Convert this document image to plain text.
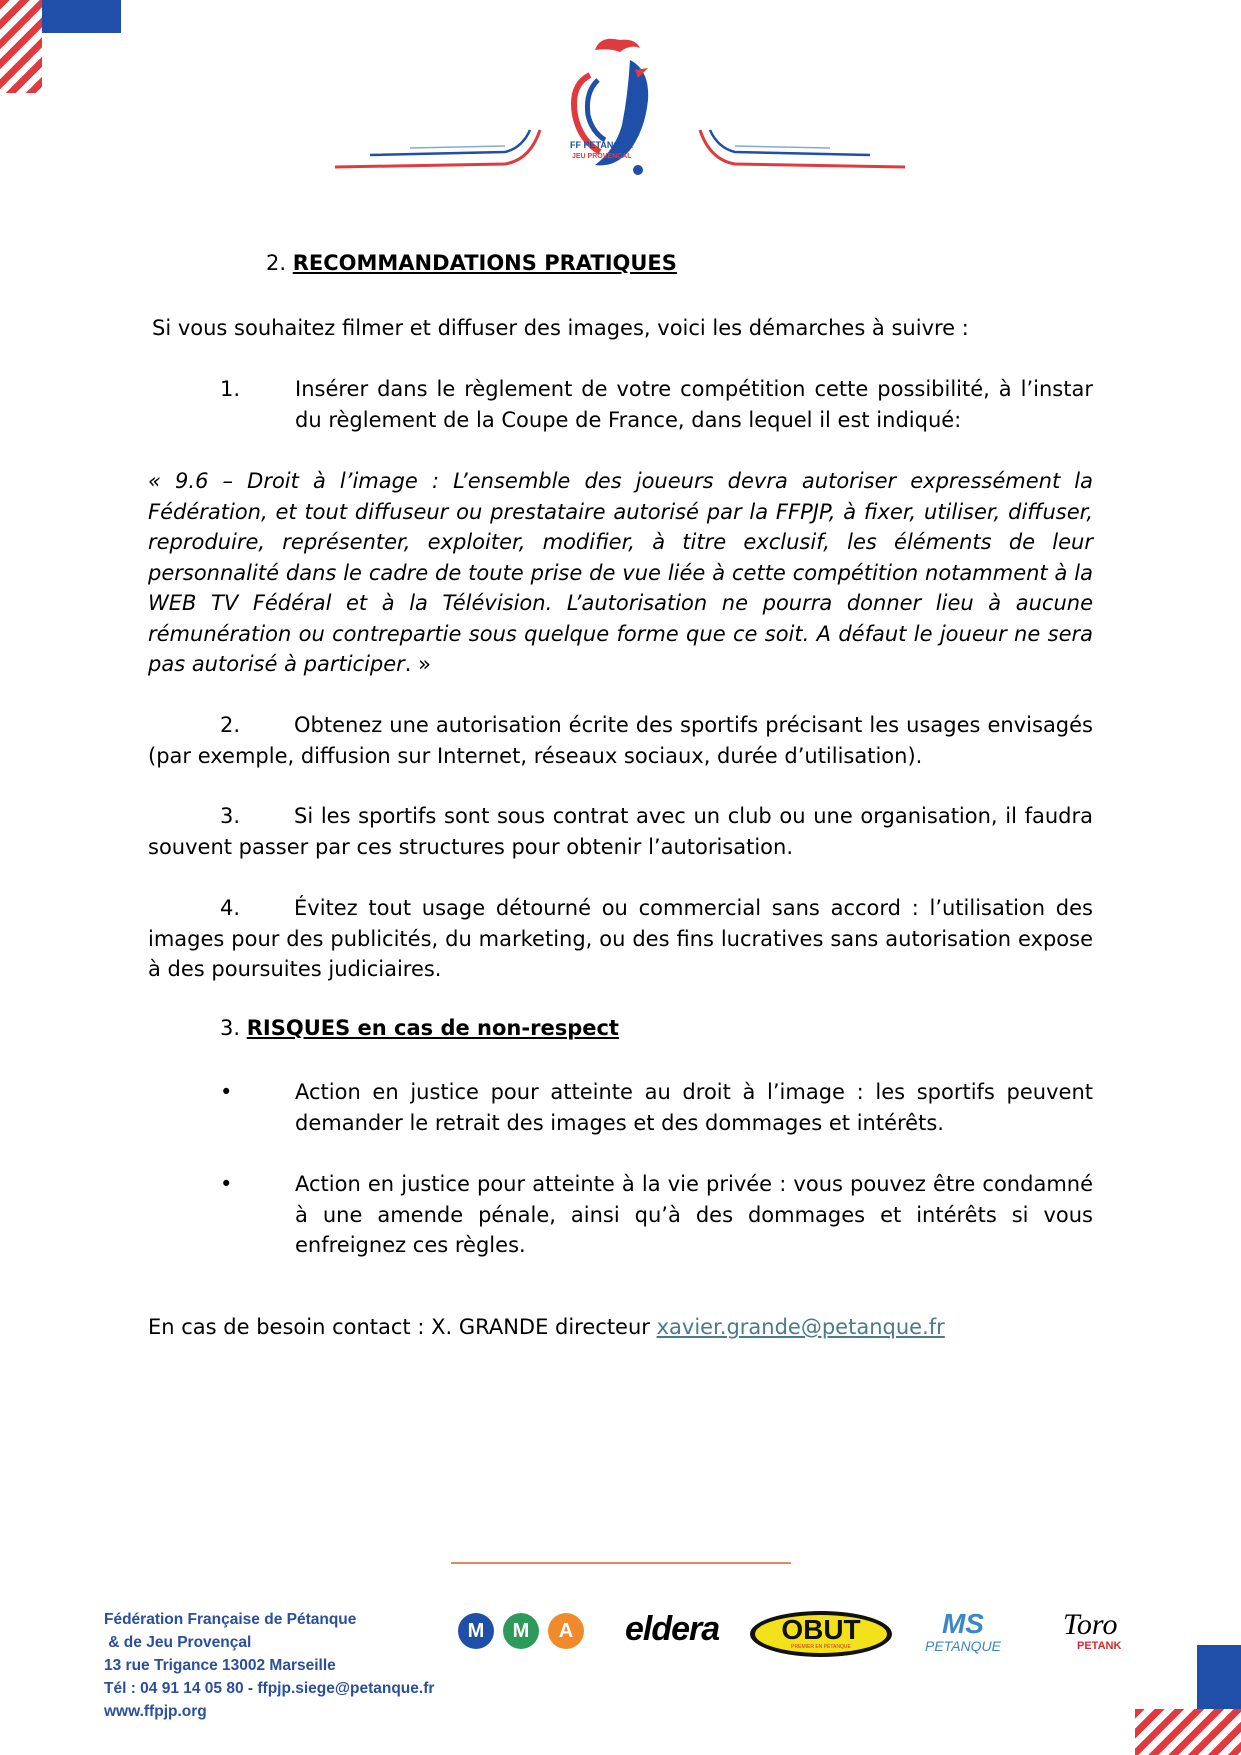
FF PETANQUE
JEU PROVENÇAL
2. RECOMMANDATIONS PRATIQUES
Si vous souhaitez filmer et diffuser des images, voici les démarches à suivre :
1.	Insérer dans le règlement de votre compétition cette possibilité, à l’instar du règlement de la Coupe de France, dans lequel il est indiqué:
« 9.6 – Droit à l’image : L’ensemble des joueurs devra autoriser expressément la Fédération, et tout diffuseur ou prestataire autorisé par la FFPJP, à fixer, utiliser, diffuser, reproduire, représenter, exploiter, modifier, à titre exclusif, les éléments de leur personnalité dans le cadre de toute prise de vue liée à cette compétition notamment à la WEB TV Fédéral et à la Télévision. L’autorisation ne pourra donner lieu à aucune rémunération ou contrepartie sous quelque forme que ce soit. A défaut le joueur ne sera pas autorisé à participer. »
2.	Obtenez une autorisation écrite des sportifs précisant les usages envisagés (par exemple, diffusion sur Internet, réseaux sociaux, durée d’utilisation).
3.	Si les sportifs sont sous contrat avec un club ou une organisation, il faudra souvent passer par ces structures pour obtenir l’autorisation.
4.	Évitez tout usage détourné ou commercial sans accord : l’utilisation des images pour des publicités, du marketing, ou des fins lucratives sans autorisation expose à des poursuites judiciaires.
3. RISQUES en cas de non-respect
•	Action en justice pour atteinte au droit à l’image : les sportifs peuvent demander le retrait des images et des dommages et intérêts.
•	Action en justice pour atteinte à la vie privée : vous pouvez être condamné à une amende pénale, ainsi qu’à des dommages et intérêts si vous enfreignez ces règles.
En cas de besoin contact : X. GRANDE directeur xavier.grande@petanque.fr
Fédération Française de Pétanque
& de Jeu Provençal
13 rue Trigance 13002 Marseille
Tél : 04 91 14 05 80 - ffpjp.siege@petanque.fr
www.ffpjp.org
M	M	A	eldera	OBUT
PREMIER EN PÉTANQUE
MS
PETANQUE
Toro
PETANK
